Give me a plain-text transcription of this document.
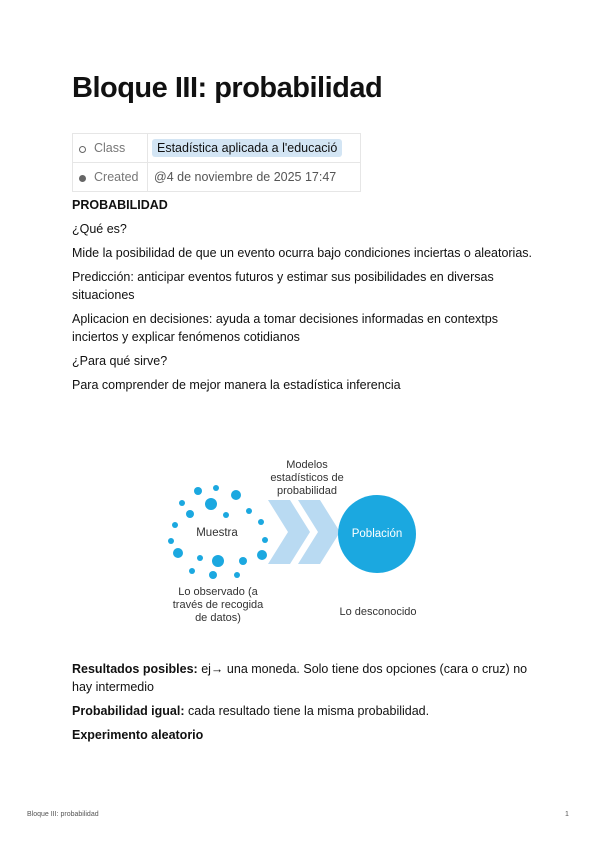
Bloque III: probabilidad
Class	Estadística aplicada a l'educació
Created	@4 de noviembre de 2025 17:47

PROBABILIDAD

¿Qué es?

Mide la posibilidad de que un evento ocurra bajo condiciones inciertas o aleatorias.

Predicción: anticipar eventos futuros y estimar sus posibilidades en diversas situaciones

Aplicacion en decisiones: ayuda a tomar decisiones informadas en contextps inciertos y explicar fenómenos cotidianos

¿Para qué sirve?

Para comprender de mejor manera la estadística inferencia

Modelos estadísticos de probabilidad
Muestra	Población
Lo observado (a través de recogida de datos)	Lo desconocido

Resultados posibles: ej→ una moneda. Solo tiene dos opciones (cara o cruz) no hay intermedio

Probabilidad igual: cada resultado tiene la misma probabilidad.

Experimento aleatorio

Bloque III: probabilidad	1
